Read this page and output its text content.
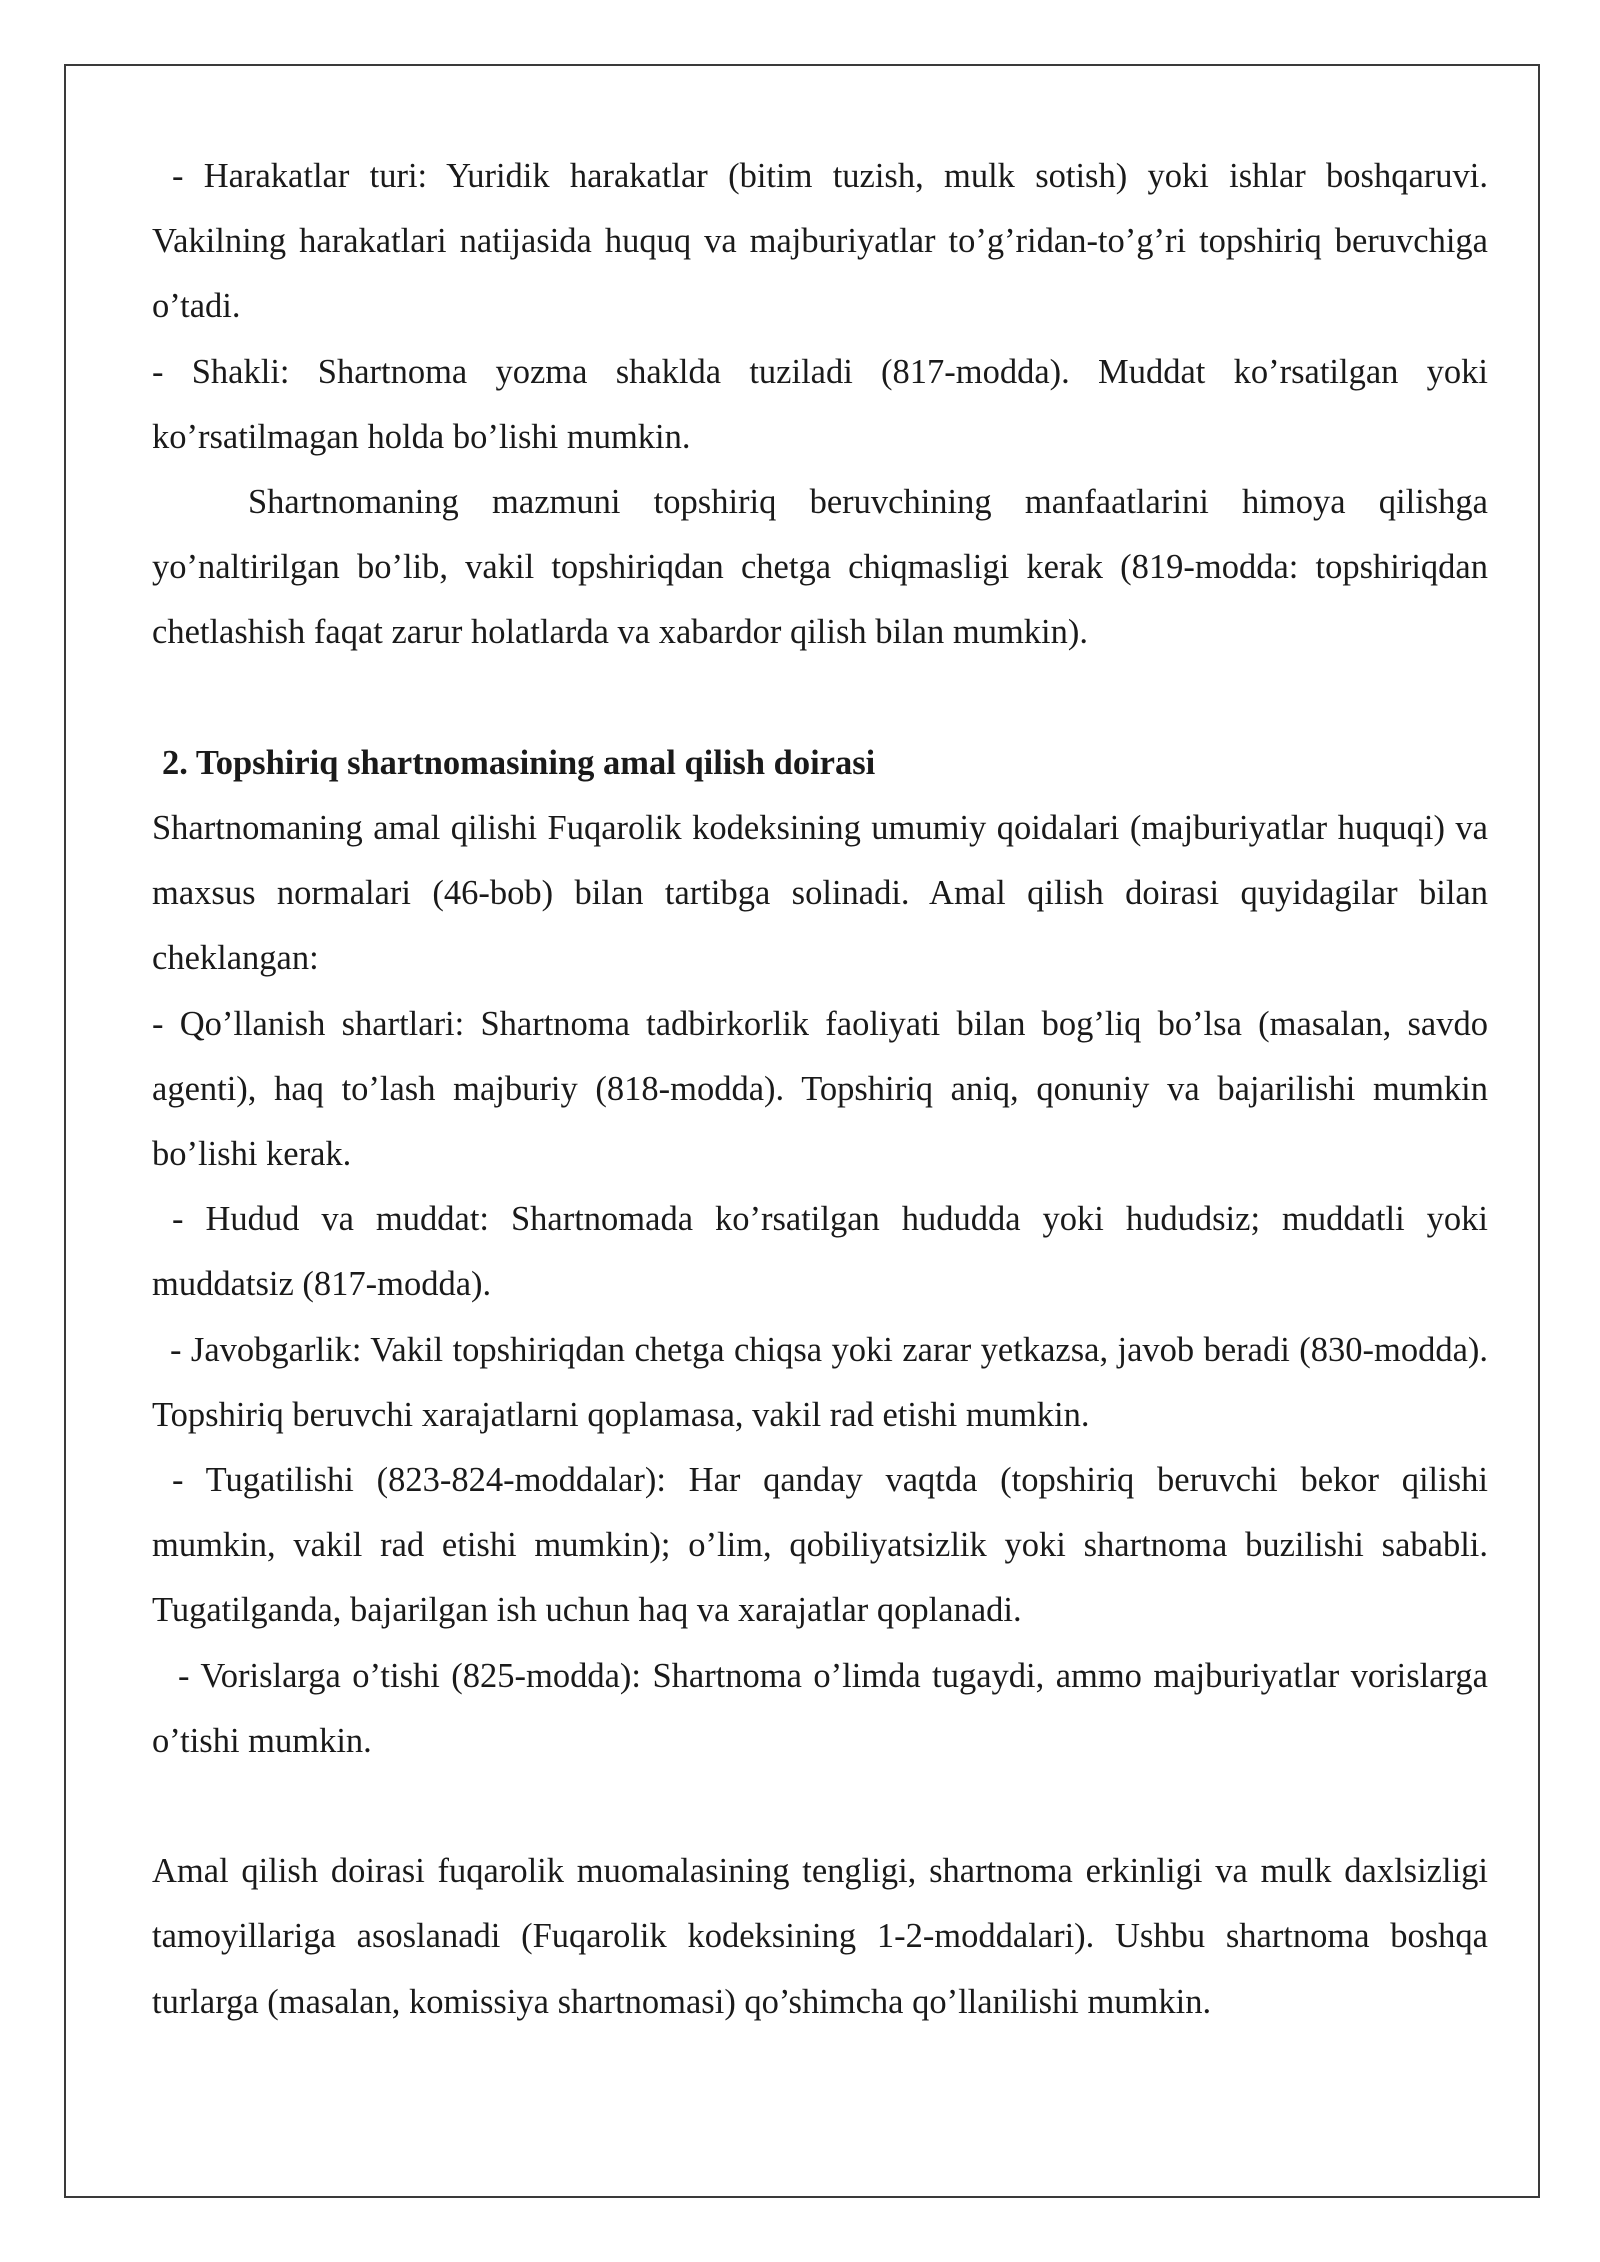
- Harakatlar turi: Yuridik harakatlar (bitim tuzish, mulk sotish) yoki ishlar boshqaruvi. Vakilning harakatlari natijasida huquq va majburiyatlar to’g’ridan-to’g’ri topshiriq beruvchiga o’tadi.

- Shakli: Shartnoma yozma shaklda tuziladi (817-modda). Muddat ko’rsatilgan yoki ko’rsatilmagan holda bo’lishi mumkin.

Shartnomaning mazmuni topshiriq beruvchining manfaatlarini himoya qilishga yo’naltirilgan bo’lib, vakil topshiriqdan chetga chiqmasligi kerak (819-modda: topshiriqdan chetlashish faqat zarur holatlarda va xabardor qilish bilan mumkin).

2. Topshiriq shartnomasining amal qilish doirasi

Shartnomaning amal qilishi Fuqarolik kodeksining umumiy qoidalari (majburiyatlar huquqi) va maxsus normalari (46-bob) bilan tartibga solinadi. Amal qilish doirasi quyidagilar bilan cheklangan:

- Qo’llanish shartlari: Shartnoma tadbirkorlik faoliyati bilan bog’liq bo’lsa (masalan, savdo agenti), haq to’lash majburiy (818-modda). Topshiriq aniq, qonuniy va bajarilishi mumkin bo’lishi kerak.

- Hudud va muddat: Shartnomada ko’rsatilgan hududda yoki hududsiz; muddatli yoki muddatsiz (817-modda).

- Javobgarlik: Vakil topshiriqdan chetga chiqsa yoki zarar yetkazsa, javob beradi (830-modda). Topshiriq beruvchi xarajatlarni qoplamasa, vakil rad etishi mumkin.

- Tugatilishi (823-824-moddalar): Har qanday vaqtda (topshiriq beruvchi bekor qilishi mumkin, vakil rad etishi mumkin); o’lim, qobiliyatsizlik yoki shartnoma buzilishi sababli. Tugatilganda, bajarilgan ish uchun haq va xarajatlar qoplanadi.

- Vorislarga o’tishi (825-modda): Shartnoma o’limda tugaydi, ammo majburiyatlar vorislarga o’tishi mumkin.

Amal qilish doirasi fuqarolik muomalasining tengligi, shartnoma erkinligi va mulk daxlsizligi tamoyillariga asoslanadi (Fuqarolik kodeksining 1-2-moddalari). Ushbu shartnoma boshqa turlarga (masalan, komissiya shartnomasi) qo’shimcha qo’llanilishi mumkin.
